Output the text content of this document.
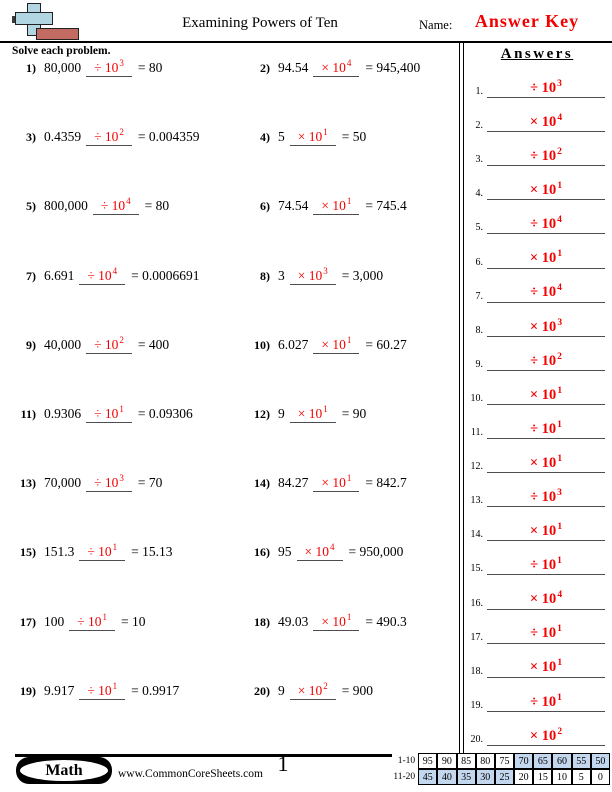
Examining Powers of Ten	Name:	Answer Key
Solve each problem.
1) $80,000 \div 10^3$	= 80	2) $94.54 \times 10^4$	= 945,400
3) $0.4359 \div 10^2$	= 0.004359	4) $5 \times 10^1$	= 50
5) $800,000 \div 10^4$	= 80	6) $74.54 \times 10^1$	= 745.4
7) $6.691 \div 10^4$	= 0.0006691	8) $3 \times 10^3$	= 3,000
9) $40,000 \div 10^2$	= 400	10) $6.027 \times 10^1$	= 60.27
11) $0.9306 \div 10^1$	= 0.09306	12) $9 \times 10^1$	= 90
13) $70,000 \div 10^3$	= 70	14) $84.27 \times 10^1$	= 842.7
15) $151.3 \div 10^1$	= 15.13	16) $95 \times 10^4$	= 950,000
17) $100 \div 10^1$	= 10	18) $49.03 \times 10^1$	= 490.3
19) $9.917 \div 10^1$	= 0.9917	20) $9 \times 10^2$	= 900
Answers
1.	÷ $10^3$
2.	× $10^4$
3.	÷ $10^2$
4.	× $10^1$
5.	÷ $10^4$
6.	× $10^1$
7.	÷ $10^4$
8.	× $10^3$
9.	÷ $10^2$
10.	× $10^1$
11.	÷ $10^1$
12.	× $10^1$
13.	÷ $10^3$
14.	× $10^1$
15.	÷ $10^1$
16.	× $10^4$
17.	÷ $10^1$
18.	× $10^1$
19.	÷ $10^1$
20.	× $10^2$
Math	www.CommonCoreSheets.com 1	1-10 95 90 85 80 75 70 65 60 55 50
11-20 45 40 35 30 25 20 15 10	5	0
